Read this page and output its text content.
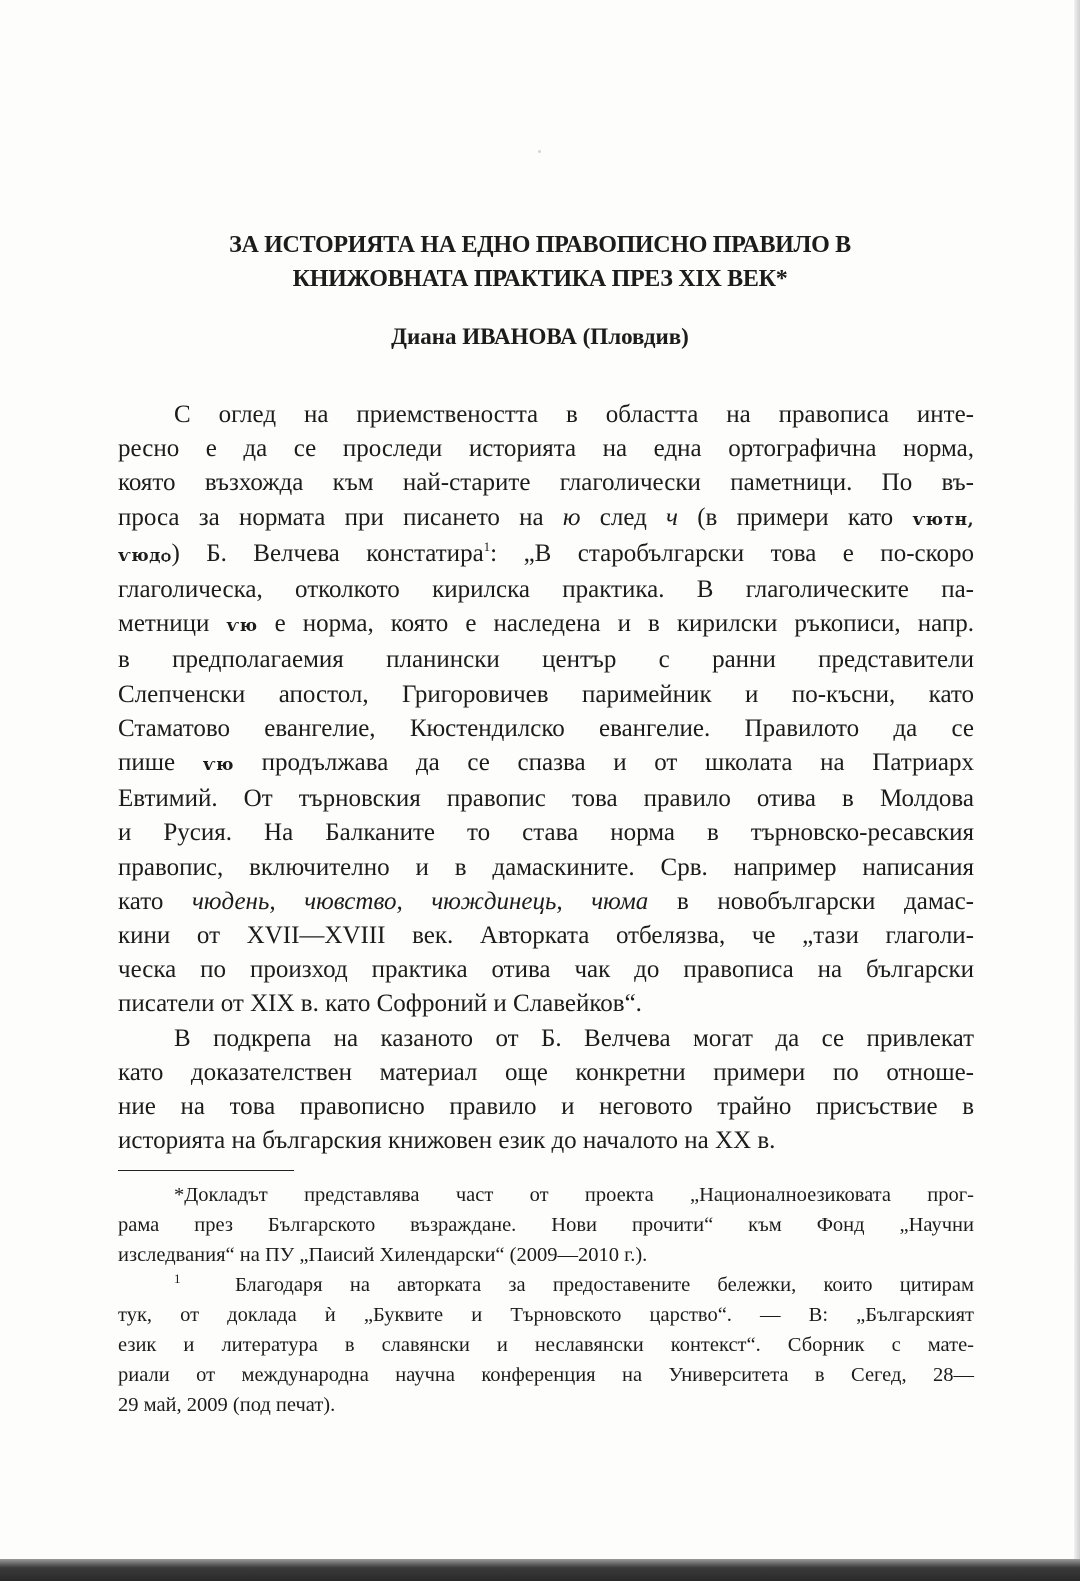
ЗА ИСТОРИЯТА НА ЕДНО ПРАВОПИСНО ПРАВИЛО В
КНИЖОВНАТА ПРАКТИКА ПРЕЗ XIX ВЕК*
Диана ИВАНОВА (Пловдив)
С оглед на приемствеността в областта на правописа инте-
ресно е да се проследи историята на една ортографична норма,
която възхожда към най-старите глаголически паметници. По въ-
проса за нормата при писането на ю след ч (в примери като ѵютн,
ѵюдѻ) Б. Велчева констатира$^1$: „В старобългарски това е по-скоро
глаголическа, отколкото кирилска практика. В глаголическите па-
метници ѵю е норма, която е наследена и в кирилски ръкописи, напр.
в предполагаемия планински център с ранни представители
Слепченски апостол, Григоровичев паримейник и по-късни, като
Стаматово евангелие, Кюстендилско евангелие. Правилото да се
пише ѵю продължава да се спазва и от школата на Патриарх
Евтимий. От търновския правопис това правило отива в Молдова
и Русия. На Балканите то става норма в търновско-ресавския
правопис, включително и в дамаскините. Срв. например написания
като чюдень, чювство, чюждинець, чюма в новобългарски дамас-
кини от XVII—XVIII век. Авторката отбелязва, че „тази глаголи-
ческа по произход практика отива чак до правописа на български
писатели от XIX в. като Софроний и Славейков“.
В подкрепа на казаното от Б. Велчева могат да се привлекат
като доказателствен материал още конкретни примери по отноше-
ние на това правописно правило и неговото трайно присъствие в
историята на българския книжовен език до началото на XX в.
*Докладът представлява част от проекта „Националноезиковата прог-
рама през Българското възраждане. Нови прочити“ към Фонд „Научни
изследвания“ на ПУ „Паисий Хилендарски“ (2009—2010 г.).
$^1$	Благодаря на авторката за предоставените бележки, които цитирам
тук, от доклада ѝ „Буквите и Търновското царство“. — В: „Българският
език и литература в славянски и неславянски контекст“. Сборник с мате-
риали от международна научна конференция на Университета в Сегед, 28—
29 май, 2009 (под печат).
